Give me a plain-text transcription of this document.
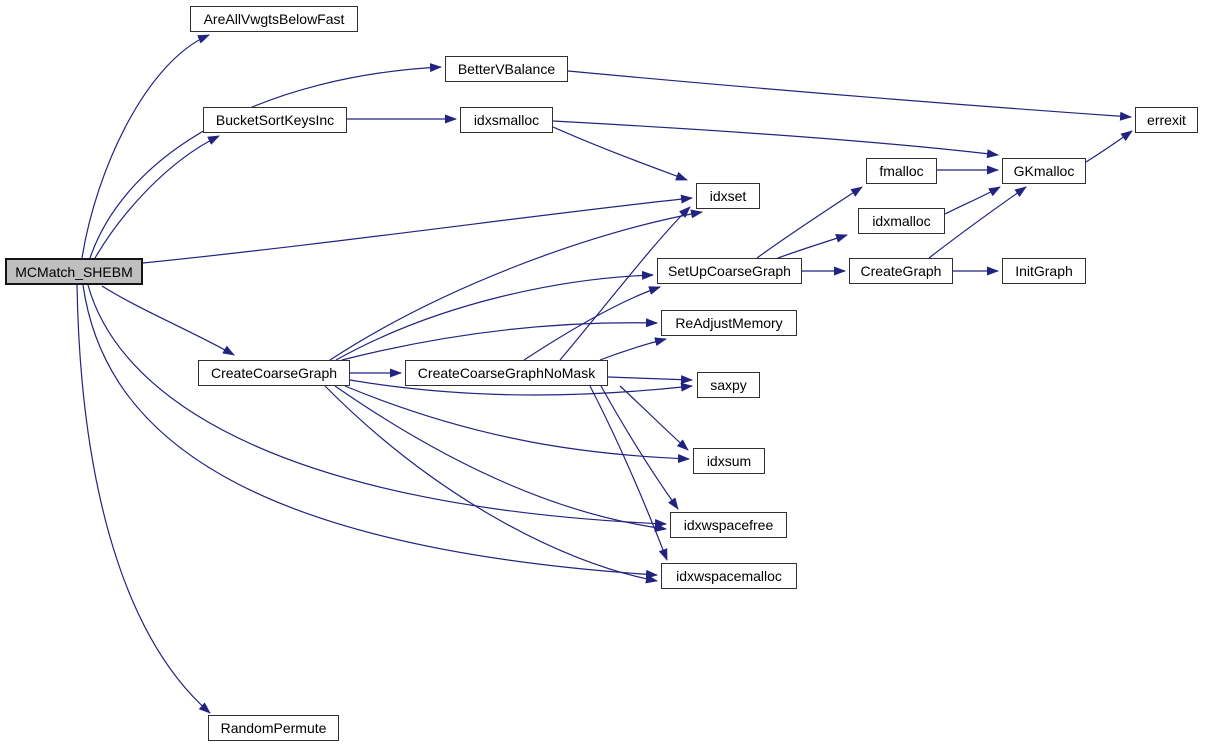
MCMatch_SHEBM
AreAllVwgtsBelowFast
BetterVBalance
BucketSortKeysInc	idxsmalloc	errexit
fmalloc	GKmalloc
idxset
idxmalloc
SetUpCoarseGraph	CreateGraph	InitGraph
ReAdjustMemory
CreateCoarseGraph	CreateCoarseGraphNoMask
saxpy
idxsum
idxwspacefree
idxwspacemalloc
RandomPermute
